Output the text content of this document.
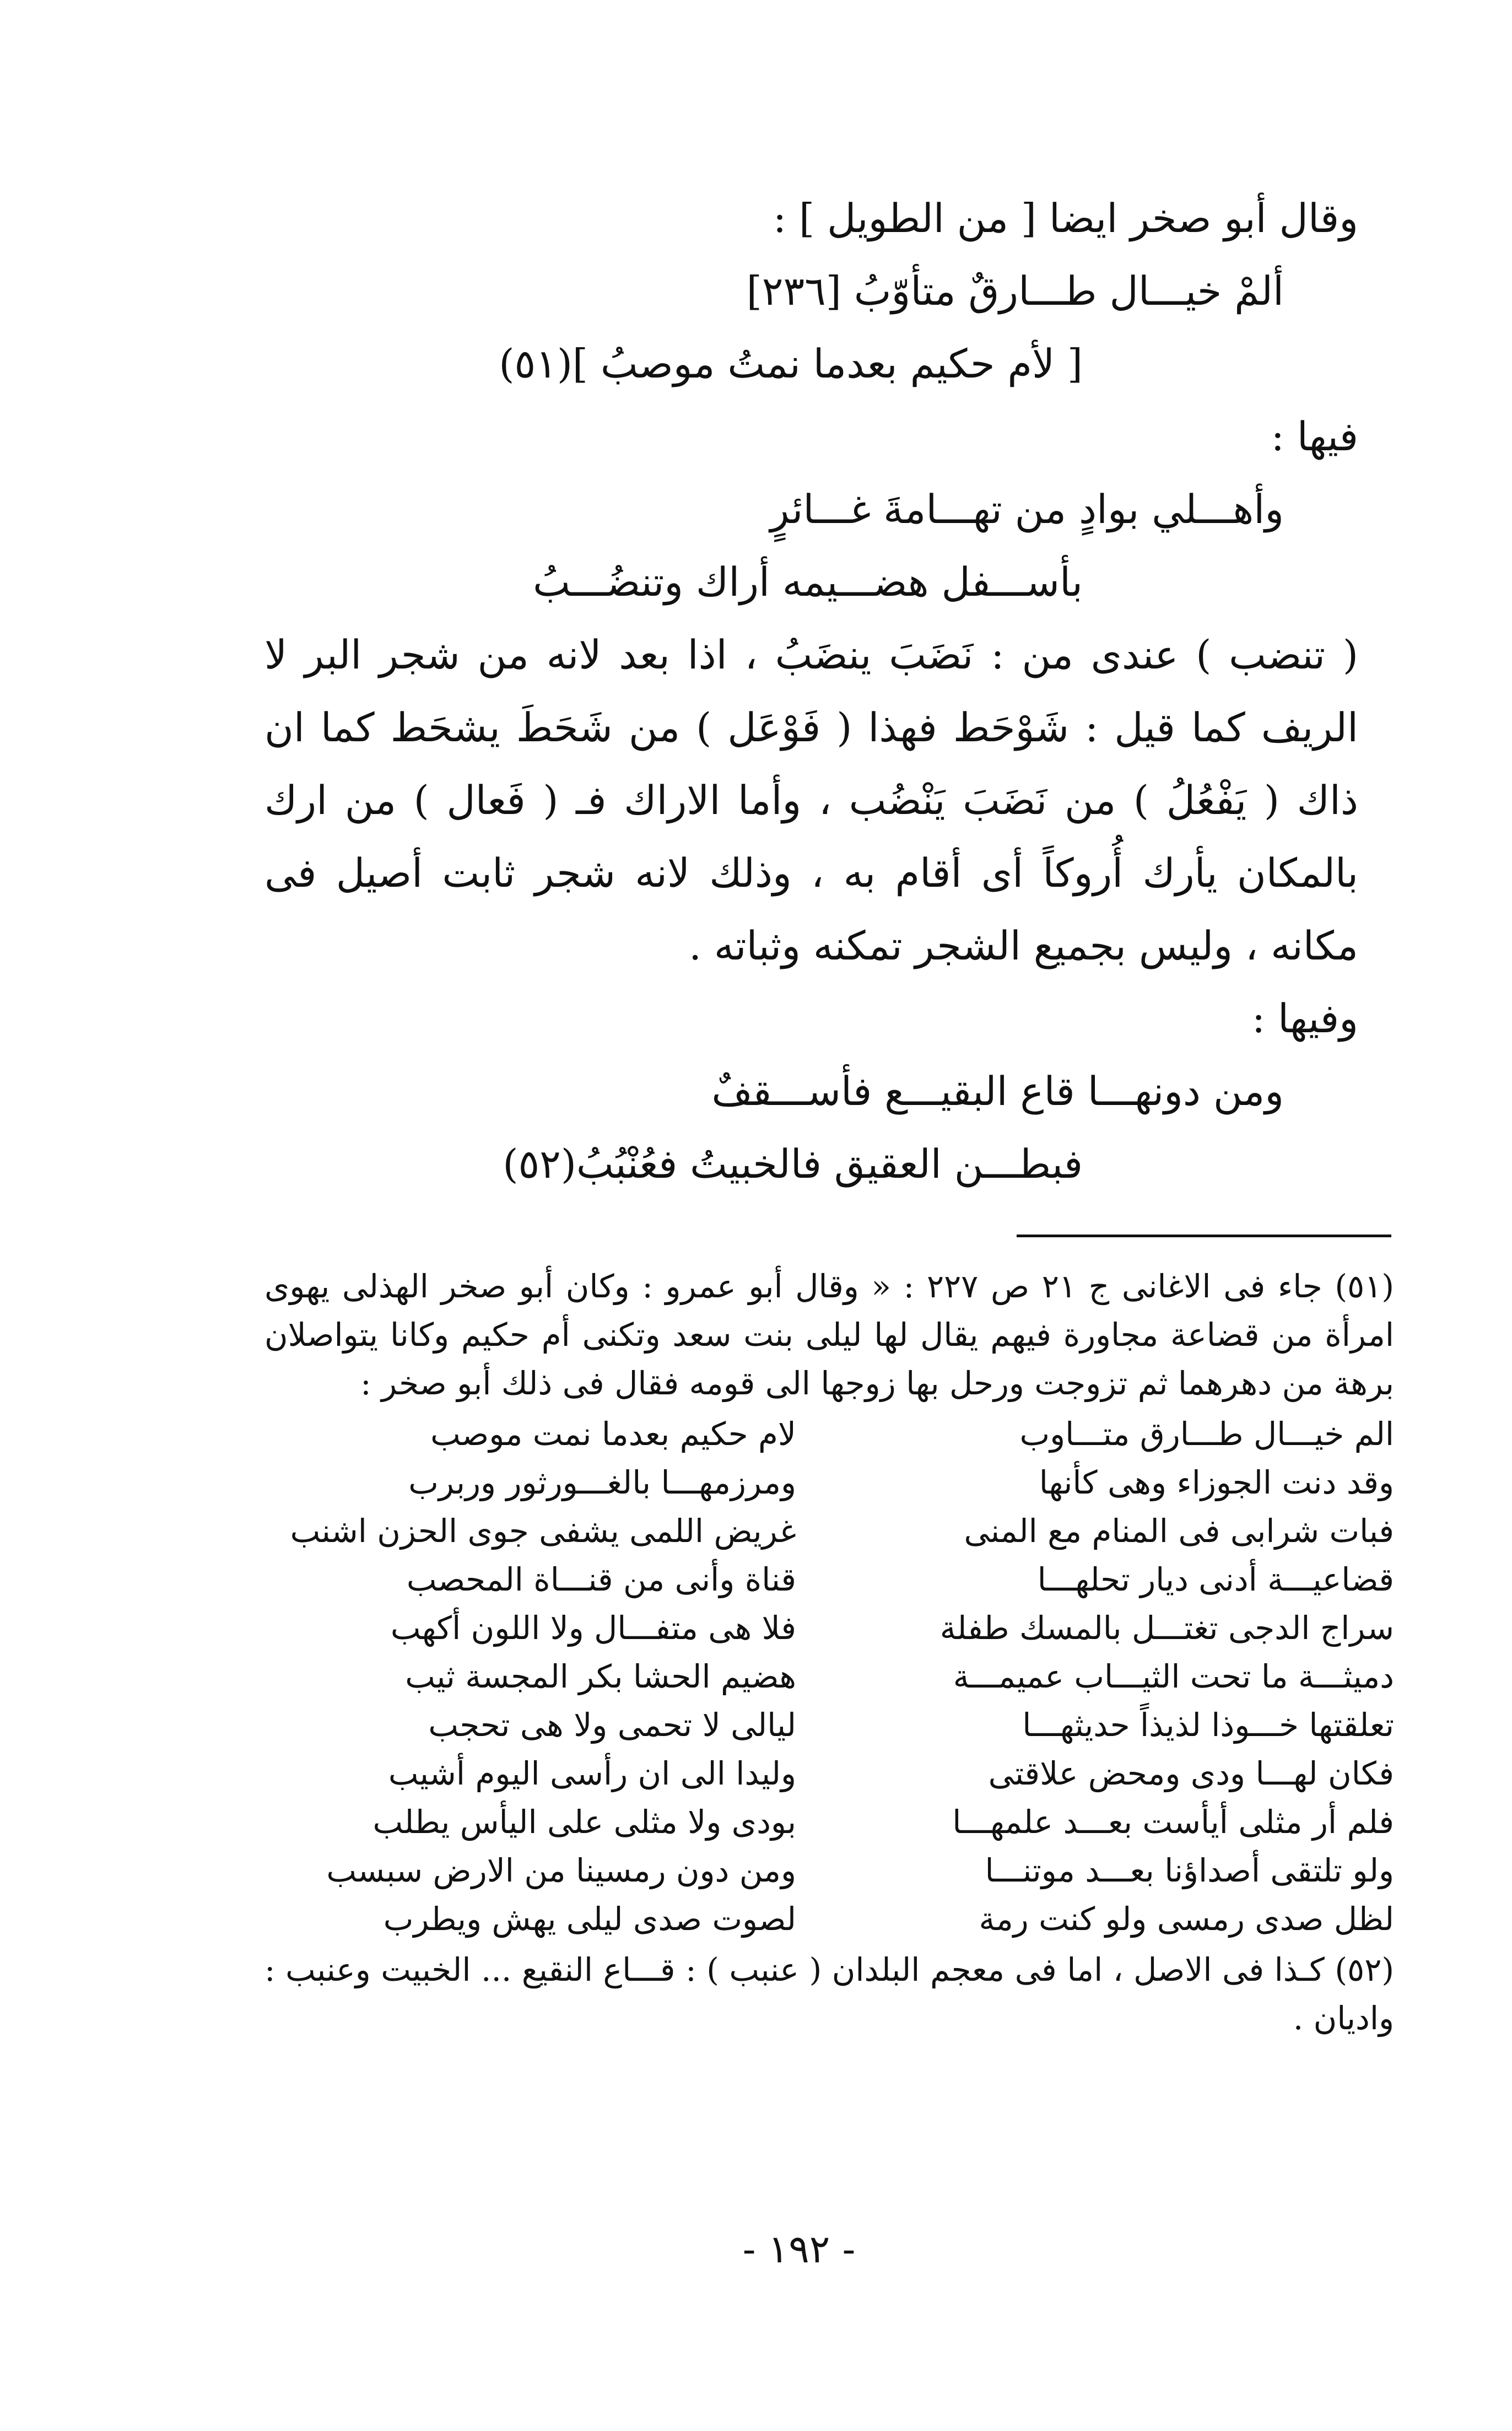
وقال أبو صخر ايضا [ من الطويل ] :
ألمْ خيـــال طـــارقٌ متأوّبُ [٢٣٦]
[ لأم حكيم بعدما نمتُ موصبُ ](٥١)
فيها :
وأهـــلي بوادٍ من تهـــامةَ غـــائرٍ
بأســـفل هضـــيمه أراك وتنضُـــبُ

( تنضب ) عندى من : نَضَبَ ينضَبُ ، اذا بعد لانه من شجر البر لا الريف كما قيل : شَوْحَط فهذا ( فَوْعَل ) من شَحَطَ يشحَط كما ان ذاك ( يَفْعُلُ ) من نَضَبَ يَنْضُب ، وأما الاراك فـ ( فَعال ) من ارك بالمكان يأرك أُروكاً أى أقام به ، وذلك لانه شجر ثابت أصيل فى مكانه ، وليس بجميع الشجر تمكنه وثباته .

وفيها :
ومن دونهـــا قاع البقيـــع فأســـقفٌ
فبطـــن العقيق فالخبيتُ فعُنْبُبُ(٥٢)

(٥١) جاء فى الاغانى ج ٢١ ص ٢٢٧ : « وقال أبو عمرو : وكان أبو صخر الهذلى يهوى امرأة من قضاعة مجاورة فيهم يقال لها ليلى بنت سعد وتكنى أم حكيم وكانا يتواصلان برهة من دهرهما ثم تزوجت ورحل بها زوجها الى قومه فقال فى ذلك أبو صخر :

الم خيـــال طـــارق متـــاوب
لام حكيم بعدما نمت موصب
وقد دنت الجوزاء وهى كأنها
ومرزمهـــا بالغـــورثور وربرب
فبات شرابى فى المنام مع المنى
غريض اللمى يشفى جوى الحزن اشنب
قضاعيـــة أدنى ديار تحلهـــا
قناة وأنى من قنـــاة المحصب
سراج الدجى تغتـــل بالمسك طفلة
فلا هى متفـــال ولا اللون أكهب
دميثـــة ما تحت الثيـــاب عميمـــة
هضيم الحشا بكر المجسة ثيب
تعلقتها خـــوذا لذيذاً حديثهـــا
ليالى لا تحمى ولا هى تحجب
فكان لهـــا ودى ومحض علاقتى
وليدا الى ان رأسى اليوم أشيب
فلم أر مثلى أيأست بعـــد علمهـــا
بودى ولا مثلى على اليأس يطلب
ولو تلتقى أصداؤنا بعـــد موتنـــا
ومن دون رمسينا من الارض سبسب
لظل صدى رمسى ولو كنت رمة
لصوت صدى ليلى يهش ويطرب

(٥٢) كـذا فى الاصل ، اما فى معجم البلدان ( عنبب ) : قـــاع النقيع ... الخبيت وعنبب : واديان .

- ١٩٢ -
